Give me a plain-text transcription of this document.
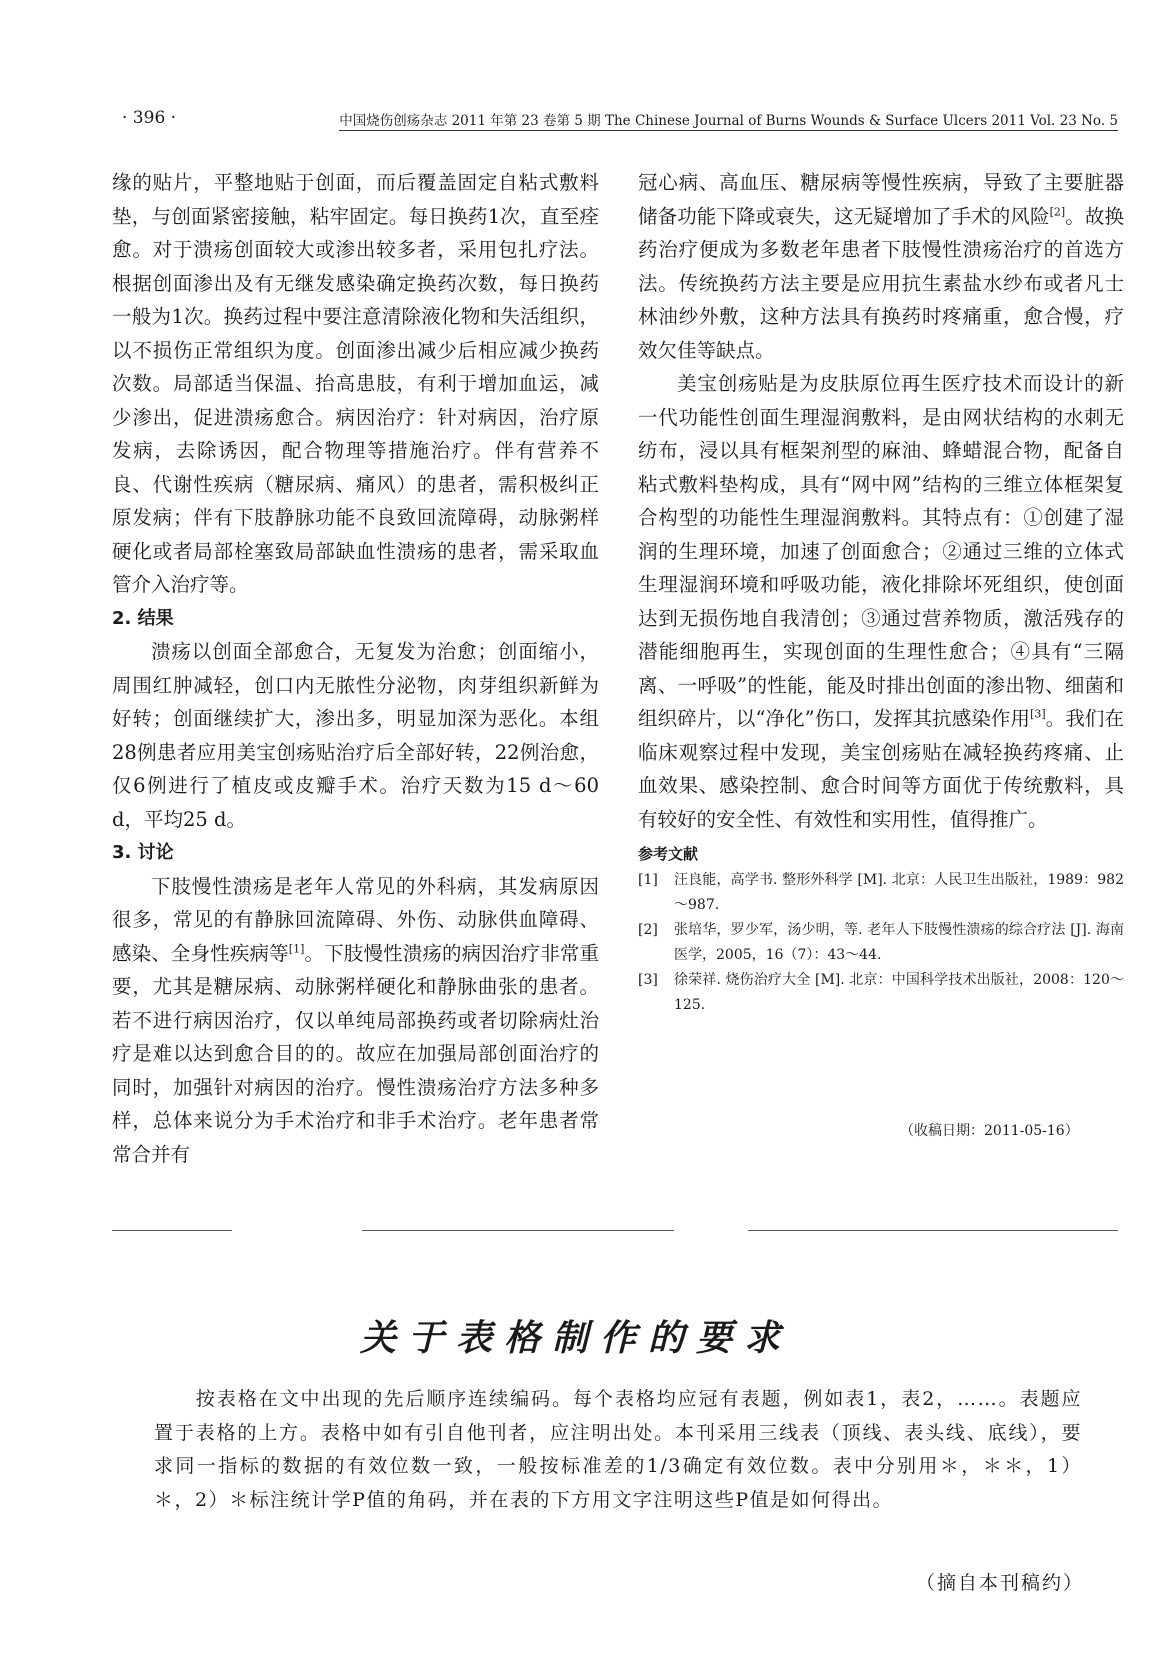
· 396 ·	中国烧伤创疡杂志 2011 年第 23 卷第 5 期 The Chinese Journal of Burns Wounds & Surface Ulcers 2011 Vol. 23 No. 5

缘的贴片，平整地贴于创面，而后覆盖固定自粘式敷料垫，与创面紧密接触，粘牢固定。每日换药1次，直至痊愈。对于溃疡创面较大或渗出较多者，采用包扎疗法。根据创面渗出及有无继发感染确定换药次数，每日换药一般为1次。换药过程中要注意清除液化物和失活组织，以不损伤正常组织为度。创面渗出减少后相应减少换药次数。局部适当保温、抬高患肢，有利于增加血运，减少渗出，促进溃疡愈合。病因治疗：针对病因，治疗原发病，去除诱因，配合物理等措施治疗。伴有营养不良、代谢性疾病（糖尿病、痛风）的患者，需积极纠正原发病；伴有下肢静脉功能不良致回流障碍，动脉粥样硬化或者局部栓塞致局部缺血性溃疡的患者，需采取血管介入治疗等。

2. 结果

溃疡以创面全部愈合，无复发为治愈；创面缩小，周围红肿减轻，创口内无脓性分泌物，肉芽组织新鲜为好转；创面继续扩大，渗出多，明显加深为恶化。本组28例患者应用美宝创疡贴治疗后全部好转，22例治愈，仅6例进行了植皮或皮瓣手术。治疗天数为15 d～60 d，平均25 d。

3. 讨论

下肢慢性溃疡是老年人常见的外科病，其发病原因很多，常见的有静脉回流障碍、外伤、动脉供血障碍、感染、全身性疾病等[1]。下肢慢性溃疡的病因治疗非常重要，尤其是糖尿病、动脉粥样硬化和静脉曲张的患者。若不进行病因治疗，仅以单纯局部换药或者切除病灶治疗是难以达到愈合目的的。故应在加强局部创面治疗的同时，加强针对病因的治疗。慢性溃疡治疗方法多种多样，总体来说分为手术治疗和非手术治疗。老年患者常常合并有

冠心病、高血压、糖尿病等慢性疾病，导致了主要脏器储备功能下降或衰失，这无疑增加了手术的风险[2]。故换药治疗便成为多数老年患者下肢慢性溃疡治疗的首选方法。传统换药方法主要是应用抗生素盐水纱布或者凡士林油纱外敷，这种方法具有换药时疼痛重，愈合慢，疗效欠佳等缺点。

美宝创疡贴是为皮肤原位再生医疗技术而设计的新一代功能性创面生理湿润敷料，是由网状结构的水刺无纺布，浸以具有框架剂型的麻油、蜂蜡混合物，配备自粘式敷料垫构成，具有“网中网”结构的三维立体框架复合构型的功能性生理湿润敷料。其特点有：①创建了湿润的生理环境，加速了创面愈合；②通过三维的立体式生理湿润环境和呼吸功能，液化排除坏死组织，使创面达到无损伤地自我清创；③通过营养物质，激活残存的潜能细胞再生，实现创面的生理性愈合；④具有“三隔离、一呼吸”的性能，能及时排出创面的渗出物、细菌和组织碎片，以“净化”伤口，发挥其抗感染作用[3]。我们在临床观察过程中发现，美宝创疡贴在减轻换药疼痛、止血效果、感染控制、愈合时间等方面优于传统敷料，具有较好的安全性、有效性和实用性，值得推广。

参考文献
[1]	汪良能，高学书. 整形外科学 [M]. 北京：人民卫生出版社，1989：982～987.
[2]	张培华，罗少军，汤少明，等. 老年人下肢慢性溃疡的综合疗法 [J]. 海南医学，2005，16（7）：43～44.
[3]	徐荣祥. 烧伤治疗大全 [M]. 北京：中国科学技术出版社，2008：120～125.
（收稿日期：2011-05-16）
关于表格制作的要求

按表格在文中出现的先后顺序连续编码。每个表格均应冠有表题，例如表1，表2，……。表题应置于表格的上方。表格中如有引自他刊者，应注明出处。本刊采用三线表（顶线、表头线、底线），要求同一指标的数据的有效位数一致，一般按标准差的1/3确定有效位数。表中分别用＊，＊＊，1）＊，2）＊标注统计学P值的角码，并在表的下方用文字注明这些P值是如何得出。

（摘自本刊稿约）
